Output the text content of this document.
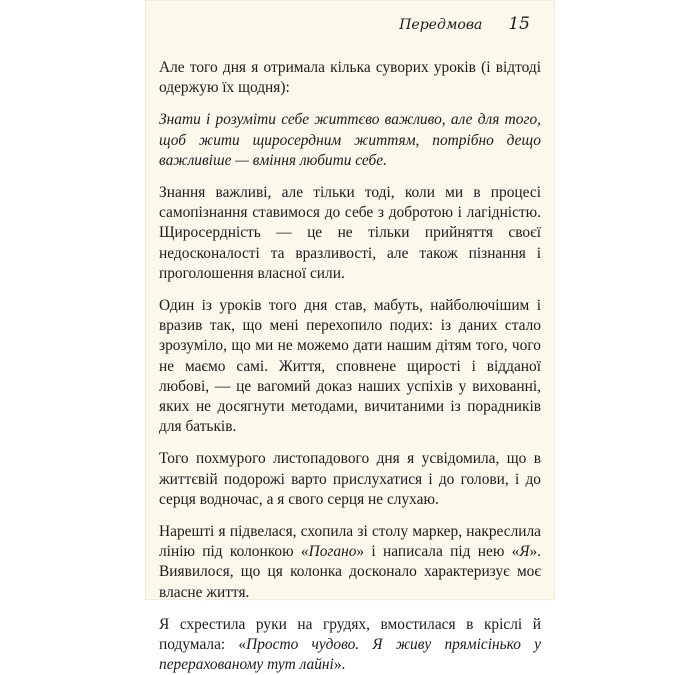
Передмова 15

Але того дня я отримала кілька суворих уроків (і відтоді одержую їх щодня):

Знати і розуміти себе життєво важливо, але для того, щоб жити щиросердним життям, потрібно дещо важливіше — вміння любити себе.

Знання важливі, але тільки тоді, коли ми в процесі самопізнання ставимося до себе з добротою і лагідністю. Щиросердність — це не тільки прийняття своєї недосконалості та вразливості, але також пізнання і проголошення власної сили.

Один із уроків того дня став, мабуть, найболючішим і вразив так, що мені перехопило подих: із даних стало зрозуміло, що ми не можемо дати нашим дітям того, чого не маємо самі. Життя, сповнене щирості і відданої любові, — це вагомий доказ наших успіхів у вихованні, яких не досягнути методами, вичитаними із порадників для батьків.

Того похмурого листопадового дня я усвідомила, що в життєвій подорожі варто прислухатися і до голови, і до серця водночас, а я свого серця не слухаю.

Нарешті я підвелася, схопила зі столу маркер, накреслила лінію під колонкою «Погано» і написала під нею «Я». Виявилося, що ця колонка досконало характеризує моє власне життя.

Я схрестила руки на грудях, вмостилася в кріслі й подумала: «Просто чудово. Я живу прямісінько у перерахованому тут лайні».
